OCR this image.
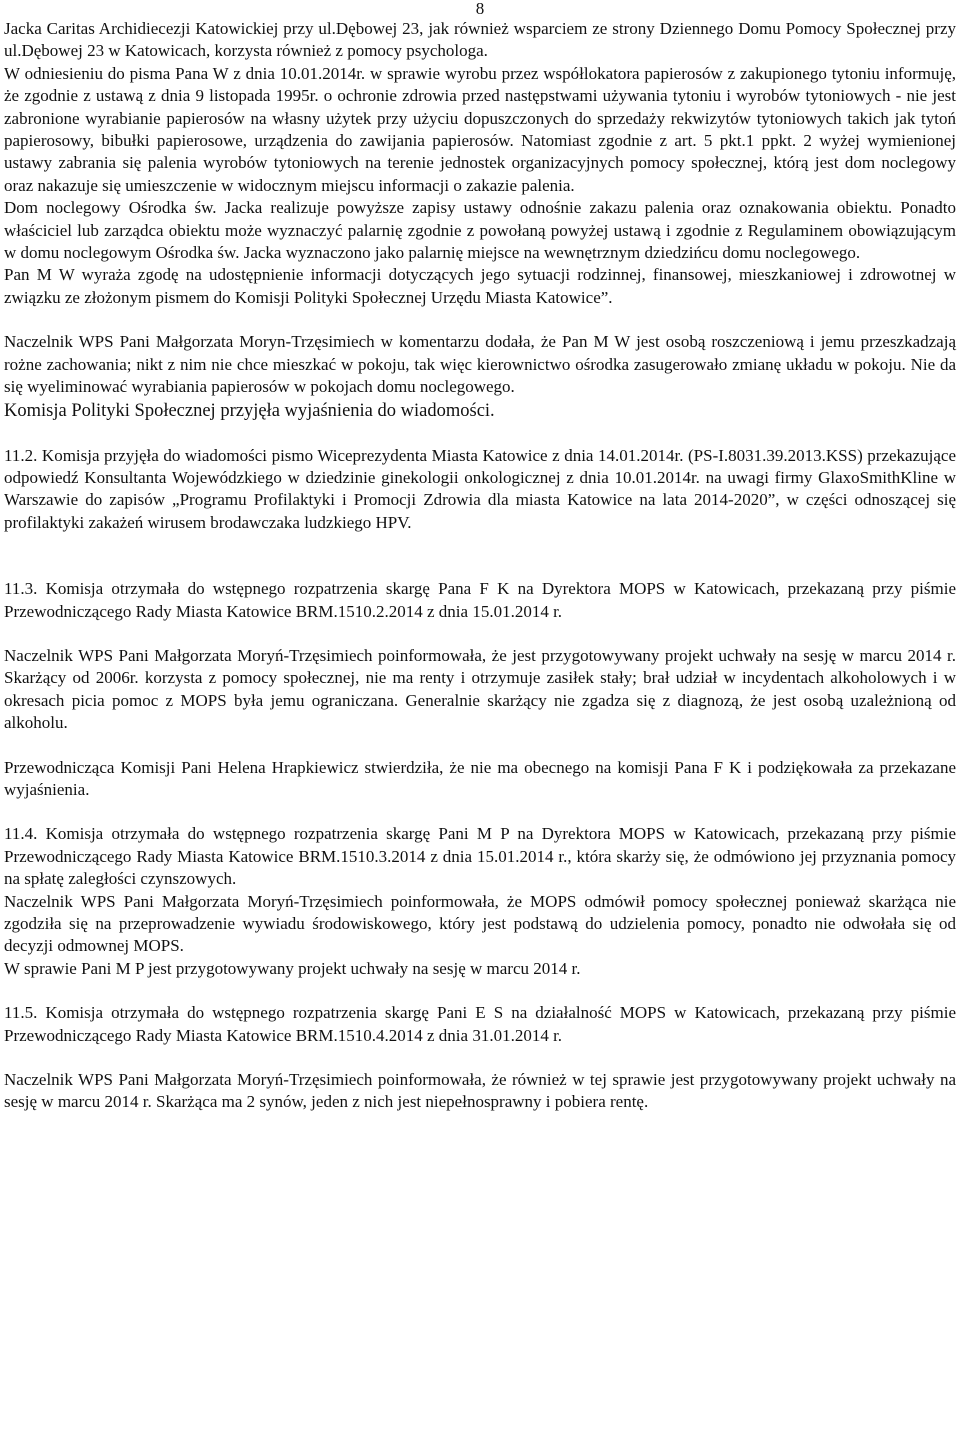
8

Jacka Caritas Archidiecezji Katowickiej przy ul.Dębowej 23, jak również wsparciem ze strony Dziennego Domu Pomocy Społecznej przy ul.Dębowej 23 w Katowicach, korzysta również z pomocy psychologa.

W odniesieniu do pisma Pana W z dnia 10.01.2014r. w sprawie wyrobu przez współlokatora papierosów z zakupionego tytoniu informuję, że zgodnie z ustawą z dnia 9 listopada 1995r. o ochronie zdrowia przed następstwami używania tytoniu i wyrobów tytoniowych - nie jest zabronione wyrabianie papierosów na własny użytek przy użyciu dopuszczonych do sprzedaży rekwizytów tytoniowych takich jak tytoń papierosowy, bibułki papierosowe, urządzenia do zawijania papierosów. Natomiast zgodnie z art. 5 pkt.1 ppkt. 2 wyżej wymienionej ustawy zabrania się palenia wyrobów tytoniowych na terenie jednostek organizacyjnych pomocy społecznej, którą jest dom noclegowy oraz nakazuje się umieszczenie w widocznym miejscu informacji o zakazie palenia.

Dom noclegowy Ośrodka św. Jacka realizuje powyższe zapisy ustawy odnośnie zakazu palenia oraz oznakowania obiektu. Ponadto właściciel lub zarządca obiektu może wyznaczyć palarnię zgodnie z powołaną powyżej ustawą i zgodnie z Regulaminem obowiązującym w domu noclegowym Ośrodka św. Jacka wyznaczono jako palarnię miejsce na wewnętrznym dziedzińcu domu noclegowego.

Pan M W wyraża zgodę na udostępnienie informacji dotyczących jego sytuacji rodzinnej, finansowej, mieszkaniowej i zdrowotnej w związku ze złożonym pismem do Komisji Polityki Społecznej Urzędu Miasta Katowice”.

Naczelnik WPS Pani Małgorzata Moryn-Trzęsimiech w komentarzu dodała, że Pan M W jest osobą roszczeniową i jemu przeszkadzają rożne zachowania; nikt z nim nie chce mieszkać w pokoju, tak więc kierownictwo ośrodka zasugerowało zmianę układu w pokoju. Nie da się wyeliminować wyrabiania papierosów w pokojach domu noclegowego.

Komisja Polityki Społecznej przyjęła wyjaśnienia do wiadomości.

11.2. Komisja przyjęła do wiadomości pismo Wiceprezydenta Miasta Katowice z dnia 14.01.2014r. (PS-I.8031.39.2013.KSS) przekazujące odpowiedź Konsultanta Wojewódzkiego w dziedzinie ginekologii onkologicznej z dnia 10.01.2014r. na uwagi firmy GlaxoSmithKline w Warszawie do zapisów „Programu Profilaktyki i Promocji Zdrowia dla miasta Katowice na lata 2014-2020”, w części odnoszącej się profilaktyki zakażeń wirusem brodawczaka ludzkiego HPV.

11.3. Komisja otrzymała do wstępnego rozpatrzenia skargę Pana F K na Dyrektora MOPS w Katowicach, przekazaną przy piśmie Przewodniczącego Rady Miasta Katowice BRM.1510.2.2014 z dnia 15.01.2014 r.

Naczelnik WPS Pani Małgorzata Moryń-Trzęsimiech poinformowała, że jest przygotowywany projekt uchwały na sesję w marcu 2014 r. Skarżący od 2006r. korzysta z pomocy społecznej, nie ma renty i otrzymuje zasiłek stały; brał udział w incydentach alkoholowych i w okresach picia pomoc z MOPS była jemu ograniczana. Generalnie skarżący nie zgadza się z diagnozą, że jest osobą uzależnioną od alkoholu.

Przewodnicząca Komisji Pani Helena Hrapkiewicz stwierdziła, że nie ma obecnego na komisji Pana F K i podziękowała za przekazane wyjaśnienia.

11.4. Komisja otrzymała do wstępnego rozpatrzenia skargę Pani M P na Dyrektora MOPS w Katowicach, przekazaną przy piśmie Przewodniczącego Rady Miasta Katowice BRM.1510.3.2014 z dnia 15.01.2014 r., która skarży się, że odmówiono jej przyznania pomocy na spłatę zaległości czynszowych.

Naczelnik WPS Pani Małgorzata Moryń-Trzęsimiech poinformowała, że MOPS odmówił pomocy społecznej ponieważ skarżąca nie zgodziła się na przeprowadzenie wywiadu środowiskowego, który jest podstawą do udzielenia pomocy, ponadto nie odwołała się od decyzji odmownej MOPS.

W sprawie Pani M P jest przygotowywany projekt uchwały na sesję w marcu 2014 r.

11.5. Komisja otrzymała do wstępnego rozpatrzenia skargę Pani E S na działalność MOPS w Katowicach, przekazaną przy piśmie Przewodniczącego Rady Miasta Katowice BRM.1510.4.2014 z dnia 31.01.2014 r.

Naczelnik WPS Pani Małgorzata Moryń-Trzęsimiech poinformowała, że również w tej sprawie jest przygotowywany projekt uchwały na sesję w marcu 2014 r. Skarżąca ma 2 synów, jeden z nich jest niepełnosprawny i pobiera rentę.
